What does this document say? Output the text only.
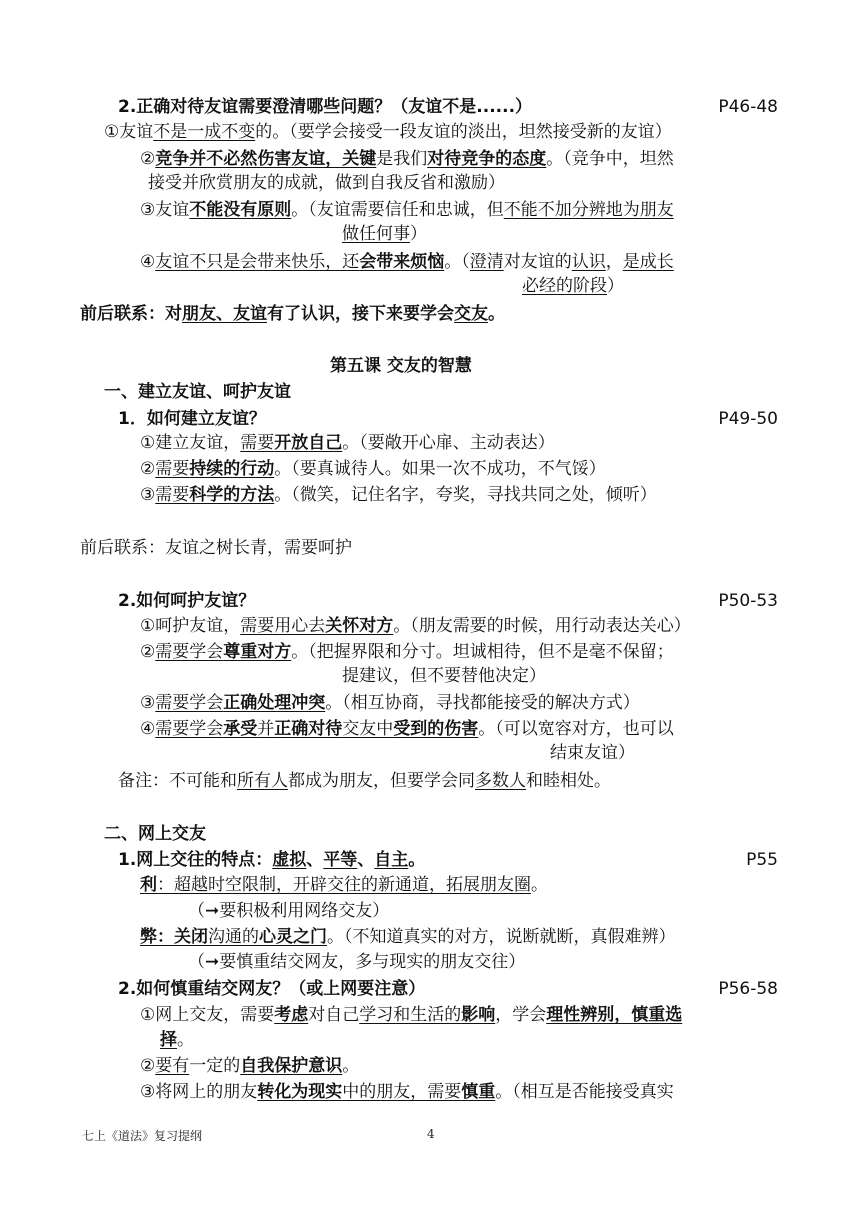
2.正确对待友谊需要澄清哪些问题？（友谊不是......）	P46-48
①友谊不是一成不变的。（要学会接受一段友谊的淡出，坦然接受新的友谊）
②竞争并不必然伤害友谊，关键是我们对待竞争的态度。（竞争中，坦然
接受并欣赏朋友的成就，做到自我反省和激励）
③友谊不能没有原则。（友谊需要信任和忠诚，但不能不加分辨地为朋友
做任何事）
④友谊不只是会带来快乐，还会带来烦恼。（澄清对友谊的认识，是成长
必经的阶段）
前后联系：对朋友、友谊有了认识，接下来要学会交友。
第五课 交友的智慧
一、建立友谊、呵护友谊
1．如何建立友谊？	P49-50
①建立友谊，需要开放自己。（要敞开心扉、主动表达）
②需要持续的行动。（要真诚待人。如果一次不成功，不气馁）
③需要科学的方法。（微笑，记住名字，夸奖，寻找共同之处，倾听）
前后联系：友谊之树长青，需要呵护
2.如何呵护友谊？	P50-53
①呵护友谊，需要用心去关怀对方。（朋友需要的时候，用行动表达关心）
②需要学会尊重对方。（把握界限和分寸。坦诚相待，但不是毫不保留；
提建议，但不要替他决定）
③需要学会正确处理冲突。（相互协商，寻找都能接受的解决方式）
④需要学会承受并正确对待交友中受到的伤害。（可以宽容对方，也可以
结束友谊）
备注：不可能和所有人都成为朋友，但要学会同多数人和睦相处。
二、网上交友
1.网上交往的特点：虚拟、平等、自主。	P55
利：超越时空限制，开辟交往的新通道，拓展朋友圈。
（➞要积极利用网络交友）
弊：关闭沟通的心灵之门。（不知道真实的对方，说断就断，真假难辨）
（➞要慎重结交网友，多与现实的朋友交往）
2.如何慎重结交网友？（或上网要注意）	P56-58
①网上交友，需要考虑对自己学习和生活的影响，学会理性辨别，慎重选
择。
②要有一定的自我保护意识。
③将网上的朋友转化为现实中的朋友，需要慎重。（相互是否能接受真实
七上《道法》复习提纲	4
